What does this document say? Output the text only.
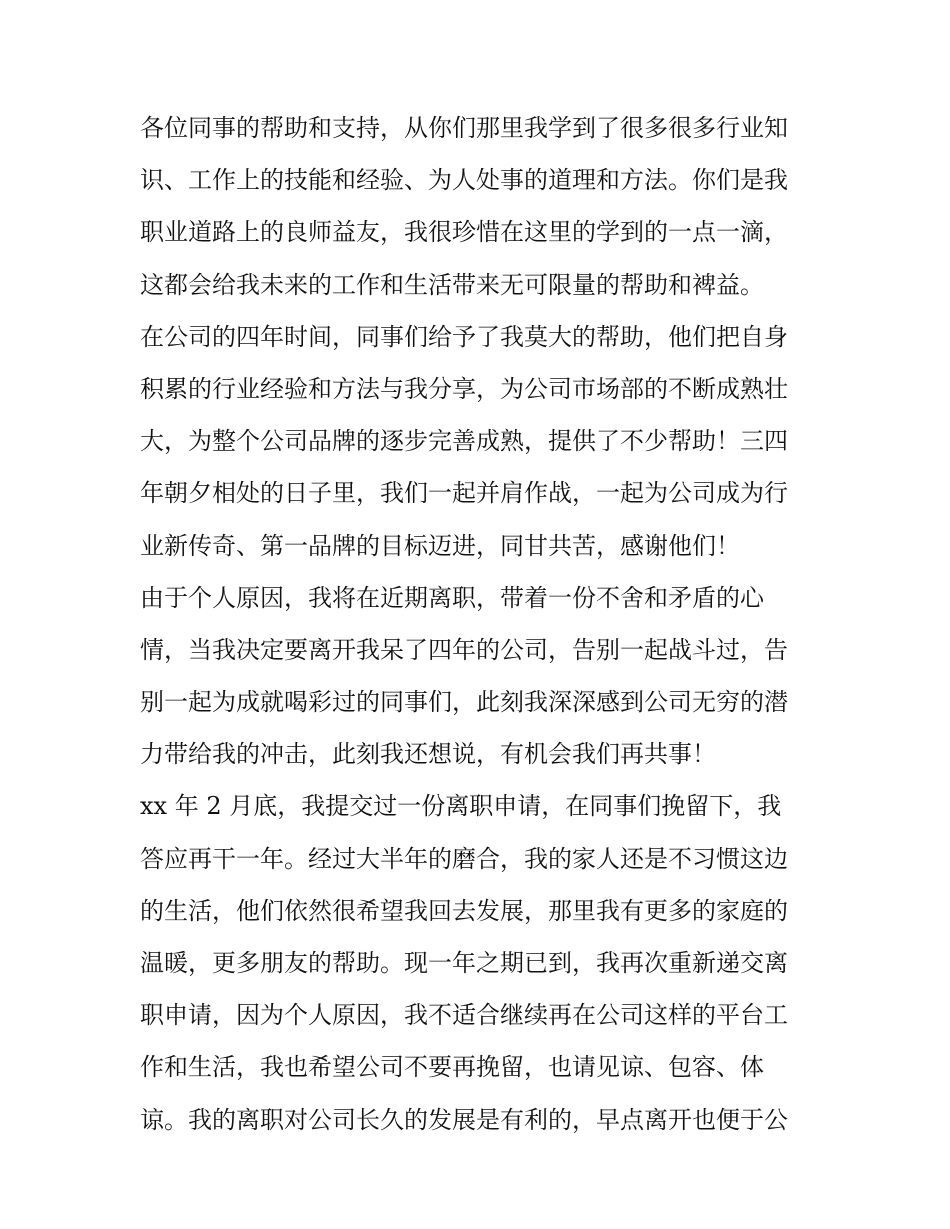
各位同事的帮助和支持，从你们那里我学到了很多很多行业知
识、工作上的技能和经验、为人处事的道理和方法。你们是我
职业道路上的良师益友，我很珍惜在这里的学到的一点一滴，
这都会给我未来的工作和生活带来无可限量的帮助和裨益。
在公司的四年时间，同事们给予了我莫大的帮助，他们把自身
积累的行业经验和方法与我分享，为公司市场部的不断成熟壮
大，为整个公司品牌的逐步完善成熟，提供了不少帮助！三四
年朝夕相处的日子里，我们一起并肩作战，一起为公司成为行
业新传奇、第一品牌的目标迈进，同甘共苦，感谢他们！
由于个人原因，我将在近期离职，带着一份不舍和矛盾的心
情，当我决定要离开我呆了四年的公司，告别一起战斗过，告
别一起为成就喝彩过的同事们，此刻我深深感到公司无穷的潜
力带给我的冲击，此刻我还想说，有机会我们再共事！
xx 年 2 月底，我提交过一份离职申请，在同事们挽留下，我
答应再干一年。经过大半年的磨合，我的家人还是不习惯这边
的生活，他们依然很希望我回去发展，那里我有更多的家庭的
温暖，更多朋友的帮助。现一年之期已到，我再次重新递交离
职申请，因为个人原因，我不适合继续再在公司这样的平台工
作和生活，我也希望公司不要再挽留，也请见谅、包容、体
谅。我的离职对公司长久的发展是有利的，早点离开也便于公
